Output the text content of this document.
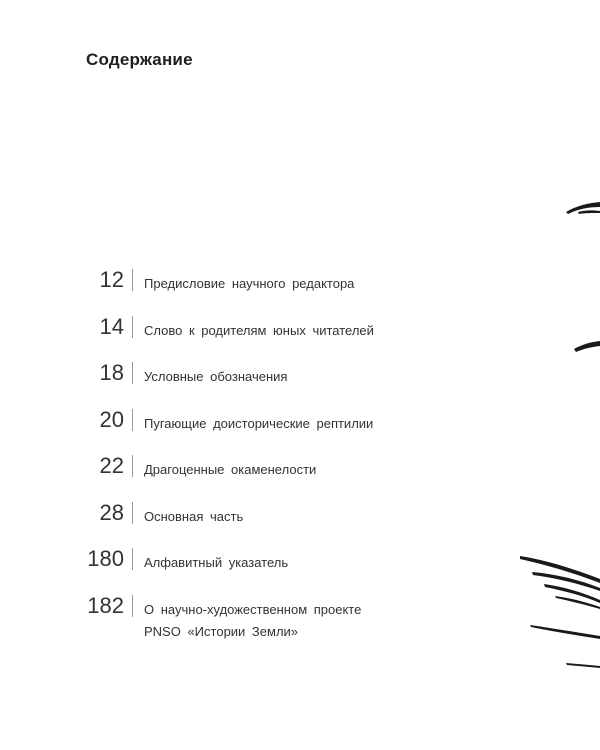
Содержание
12 Предисловие научного редактора
14 Слово к родителям юных читателей
18 Условные обозначения
20 Пугающие доисторические рептилии
22 Драгоценные окаменелости
28 Основная часть
180 Алфавитный указатель
182 О научно-художественном проекте
PNSO «Истории Земли»
